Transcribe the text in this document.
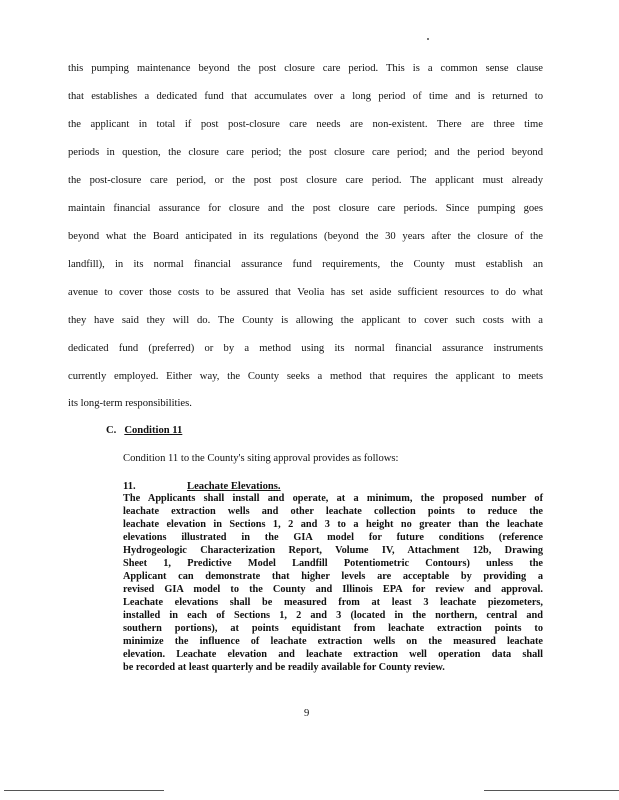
this pumping maintenance beyond the post closure care period. This is a common sense clause
that establishes a dedicated fund that accumulates over a long period of time and is returned to
the applicant in total if post post-closure care needs are non-existent. There are three time
periods in question, the closure care period; the post closure care period; and the period beyond
the post-closure care period, or the post post closure care period. The applicant must already
maintain financial assurance for closure and the post closure care periods. Since pumping goes
beyond what the Board anticipated in its regulations (beyond the 30 years after the closure of the
landfill), in its normal financial assurance fund requirements, the County must establish an
avenue to cover those costs to be assured that Veolia has set aside sufficient resources to do what
they have said they will do. The County is allowing the applicant to cover such costs with a
dedicated fund (preferred) or by a method using its normal financial assurance instruments
currently employed. Either way, the County seeks a method that requires the applicant to meets
its long-term responsibilities.
C. Condition 11
Condition 11 to the County's siting approval provides as follows:
11.	Leachate Elevations.
The Applicants shall install and operate, at a minimum, the proposed number of
leachate extraction wells and other leachate collection points to reduce the
leachate elevation in Sections 1, 2 and 3 to a height no greater than the leachate
elevations illustrated in the GIA model for future conditions (reference
Hydrogeologic Characterization Report, Volume IV, Attachment 12b, Drawing
Sheet 1, Predictive Model Landfill Potentiometric Contours) unless the
Applicant can demonstrate that higher levels are acceptable by providing a
revised GIA model to the County and Illinois EPA for review and approval.
Leachate elevations shall be measured from at least 3 leachate piezometers,
installed in each of Sections 1, 2 and 3 (located in the northern, central and
southern portions), at points equidistant from leachate extraction points to
minimize the influence of leachate extraction wells on the measured leachate
elevation. Leachate elevation and leachate extraction well operation data shall
be recorded at least quarterly and be readily available for County review.
9
